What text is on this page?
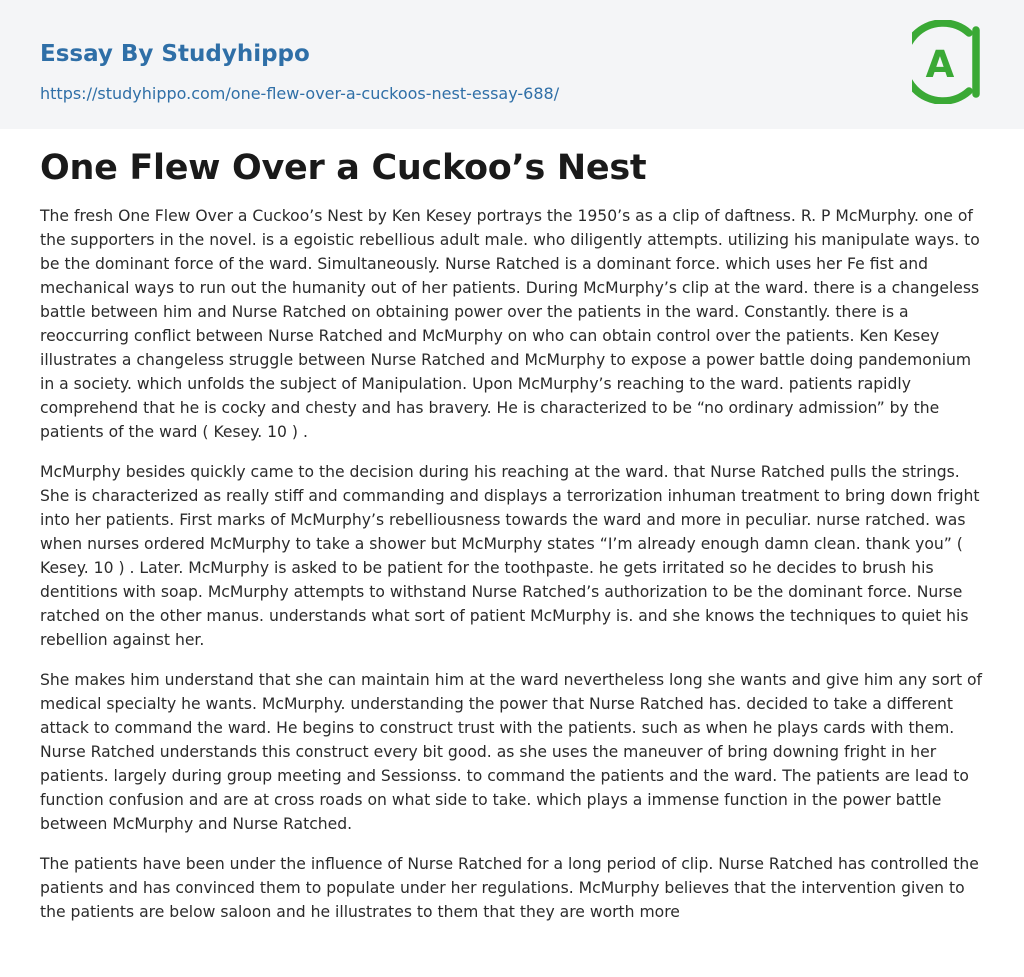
Essay By Studyhippo
https://studyhippo.com/one-flew-over-a-cuckoos-nest-essay-688/
A
One Flew Over a Cuckoo’s Nest

The fresh One Flew Over a Cuckoo’s Nest by Ken Kesey portrays the 1950’s as a clip of daftness. R. P McMurphy. one of the supporters in the novel. is a egoistic rebellious adult male. who diligently attempts. utilizing his manipulate ways. to be the dominant force of the ward. Simultaneously. Nurse Ratched is a dominant force. which uses her Fe fist and mechanical ways to run out the humanity out of her patients. During McMurphy’s clip at the ward. there is a changeless battle between him and Nurse Ratched on obtaining power over the patients in the ward. Constantly. there is a reoccurring conflict between Nurse Ratched and McMurphy on who can obtain control over the patients. Ken Kesey illustrates a changeless struggle between Nurse Ratched and McMurphy to expose a power battle doing pandemonium in a society. which unfolds the subject of Manipulation. Upon McMurphy’s reaching to the ward. patients rapidly comprehend that he is cocky and chesty and has bravery. He is characterized to be “no ordinary admission” by the patients of the ward ( Kesey. 10 ) .

McMurphy besides quickly came to the decision during his reaching at the ward. that Nurse Ratched pulls the strings. She is characterized as really stiff and commanding and displays a terrorization inhuman treatment to bring down fright into her patients. First marks of McMurphy’s rebelliousness towards the ward and more in peculiar. nurse ratched. was when nurses ordered McMurphy to take a shower but McMurphy states “I’m already enough damn clean. thank you” ( Kesey. 10 ) . Later. McMurphy is asked to be patient for the toothpaste. he gets irritated so he decides to brush his dentitions with soap. McMurphy attempts to withstand Nurse Ratched’s authorization to be the dominant force. Nurse ratched on the other manus. understands what sort of patient McMurphy is. and she knows the techniques to quiet his rebellion against her.

She makes him understand that she can maintain him at the ward nevertheless long she wants and give him any sort of medical specialty he wants. McMurphy. understanding the power that Nurse Ratched has. decided to take a different attack to command the ward. He begins to construct trust with the patients. such as when he plays cards with them. Nurse Ratched understands this construct every bit good. as she uses the maneuver of bring downing fright in her patients. largely during group meeting and Sessionss. to command the patients and the ward. The patients are lead to function confusion and are at cross roads on what side to take. which plays a immense function in the power battle between McMurphy and Nurse Ratched.

The patients have been under the influence of Nurse Ratched for a long period of clip. Nurse Ratched has controlled the patients and has convinced them to populate under her regulations. McMurphy believes that the intervention given to the patients are below saloon and he illustrates to them that they are worth more
